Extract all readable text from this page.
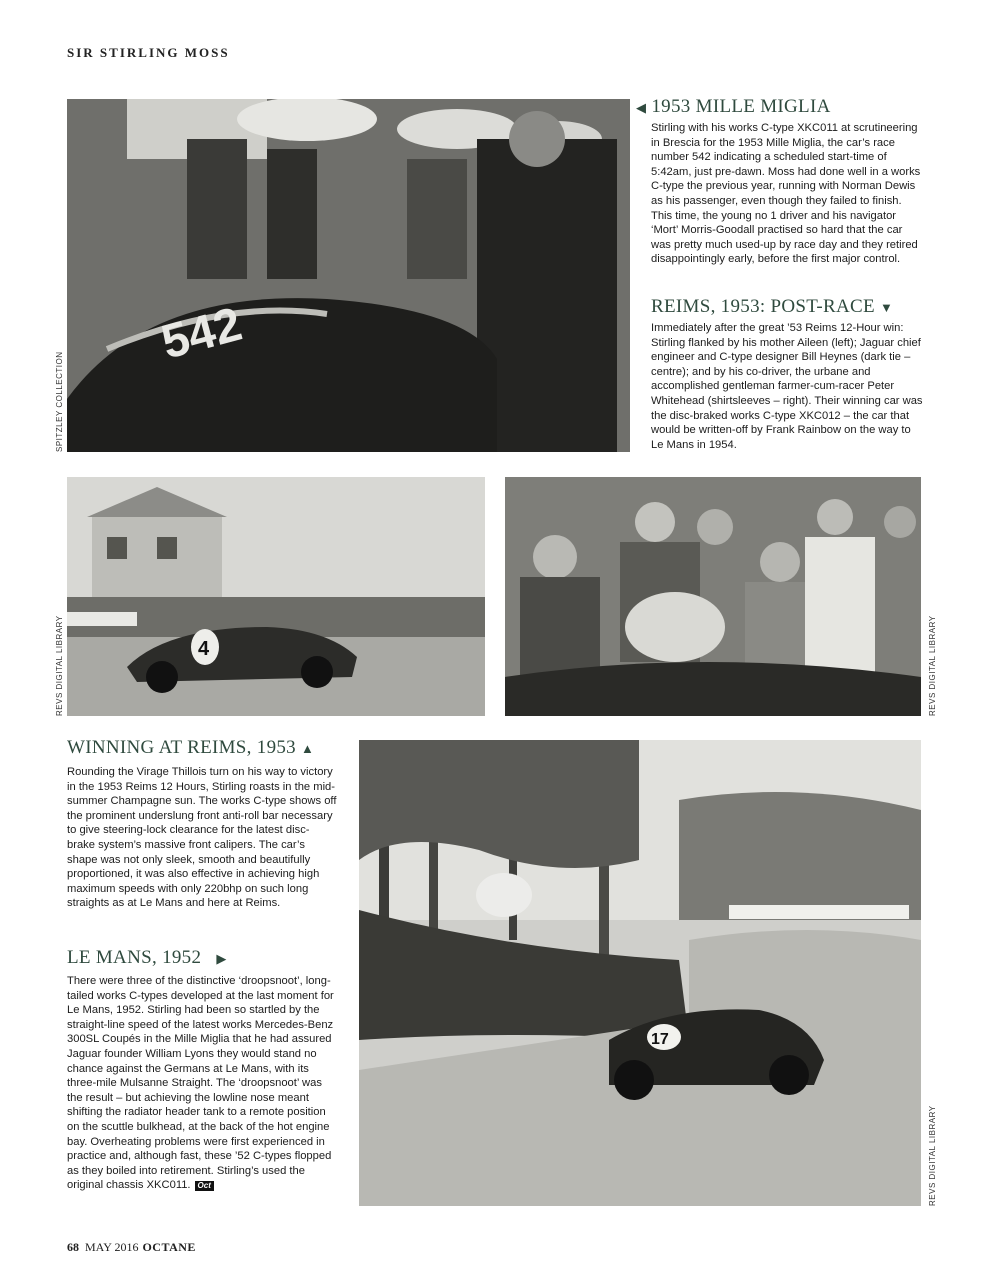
SIR STIRLING MOSS
542
SPITZLEY COLLECTION
◀ 1953 MILLE MIGLIA

Stirling with his works C-type XKC011 at scrutineering in Brescia for the 1953 Mille Miglia, the car’s race number 542 indicating a scheduled start-time of 5:42am, just pre-dawn. Moss had done well in a works C-type the previous year, running with Norman Dewis as his passenger, even though they failed to finish. This time, the young no 1 driver and his navigator ‘Mort’ Morris-Goodall practised so hard that the car was pretty much used-up by race day and they retired disappointingly early, before the first major control.

REIMS, 1953: POST-RACE ▼

Immediately after the great ’53 Reims 12-Hour win: Stirling flanked by his mother Aileen (left); Jaguar chief engineer and C-type designer Bill Heynes (dark tie – centre); and by his co-driver, the urbane and accomplished gentleman farmer-cum-racer Peter Whitehead (shirtsleeves – right). Their winning car was the disc-braked works C-type XKC012 – the car that would be written-off by Frank Rainbow on the way to Le Mans in 1954.

4
REVS DIGITAL LIBRARY	REVS DIGITAL LIBRARY
WINNING AT REIMS, 1953 ▲

Rounding the Virage Thillois turn on his way to victory in the 1953 Reims 12 Hours, Stirling roasts in the mid-summer Champagne sun. The works C-type shows off the prominent underslung front anti-roll bar necessary to give steering-lock clearance for the latest disc-brake system’s massive front calipers. The car’s shape was not only sleek, smooth and beautifully proportioned, it was also effective in achieving high maximum speeds with only 220bhp on such long straights as at Le Mans and here at Reims.

LE MANS, 1952 ▶

There were three of the distinctive ‘droopsnoot’, long-tailed works C-types developed at the last moment for Le Mans, 1952. Stirling had been so startled by the straight-line speed of the latest works Mercedes-Benz 300SL Coupés in the Mille Miglia that he had assured Jaguar founder William Lyons they would stand no chance against the Germans at Le Mans, with its three-mile Mulsanne Straight. The ‘droopsnoot’ was the result – but achieving the lowline nose meant shifting the radiator header tank to a remote position on the scuttle bulkhead, at the back of the hot engine bay. Overheating problems were first experienced in practice and, although fast, these ’52 C-types flopped as they boiled into retirement. Stirling’s used the original chassis XKC011. Oct

17
REVS DIGITAL LIBRARY
68 MAY 2016 OCTANE
